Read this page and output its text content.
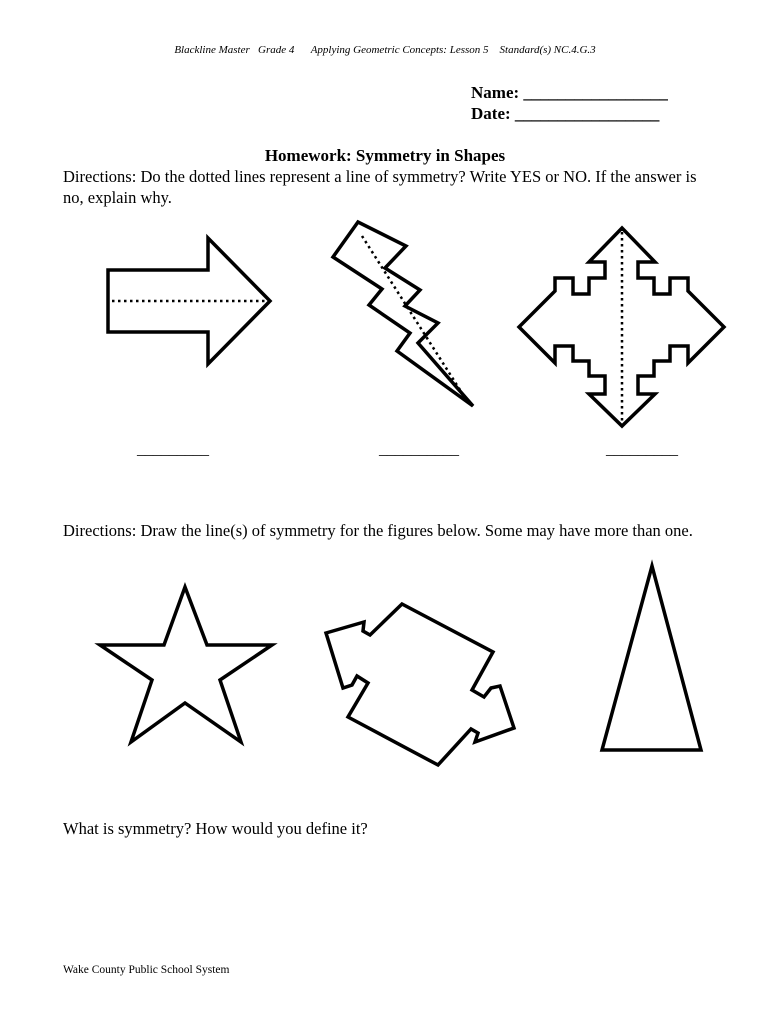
Blackline Master Grade 4 Applying Geometric Concepts: Lesson 5 Standard(s) NC.4.G.3
Name: _________________
Date: _________________
Homework: Symmetry in Shapes
Directions: Do the dotted lines represent a line of symmetry? Write YES or NO. If the answer is no, explain why.
_________	__________	_________
Directions: Draw the line(s) of symmetry for the figures below. Some may have more than one.
What is symmetry? How would you define it?
Wake County Public School System
